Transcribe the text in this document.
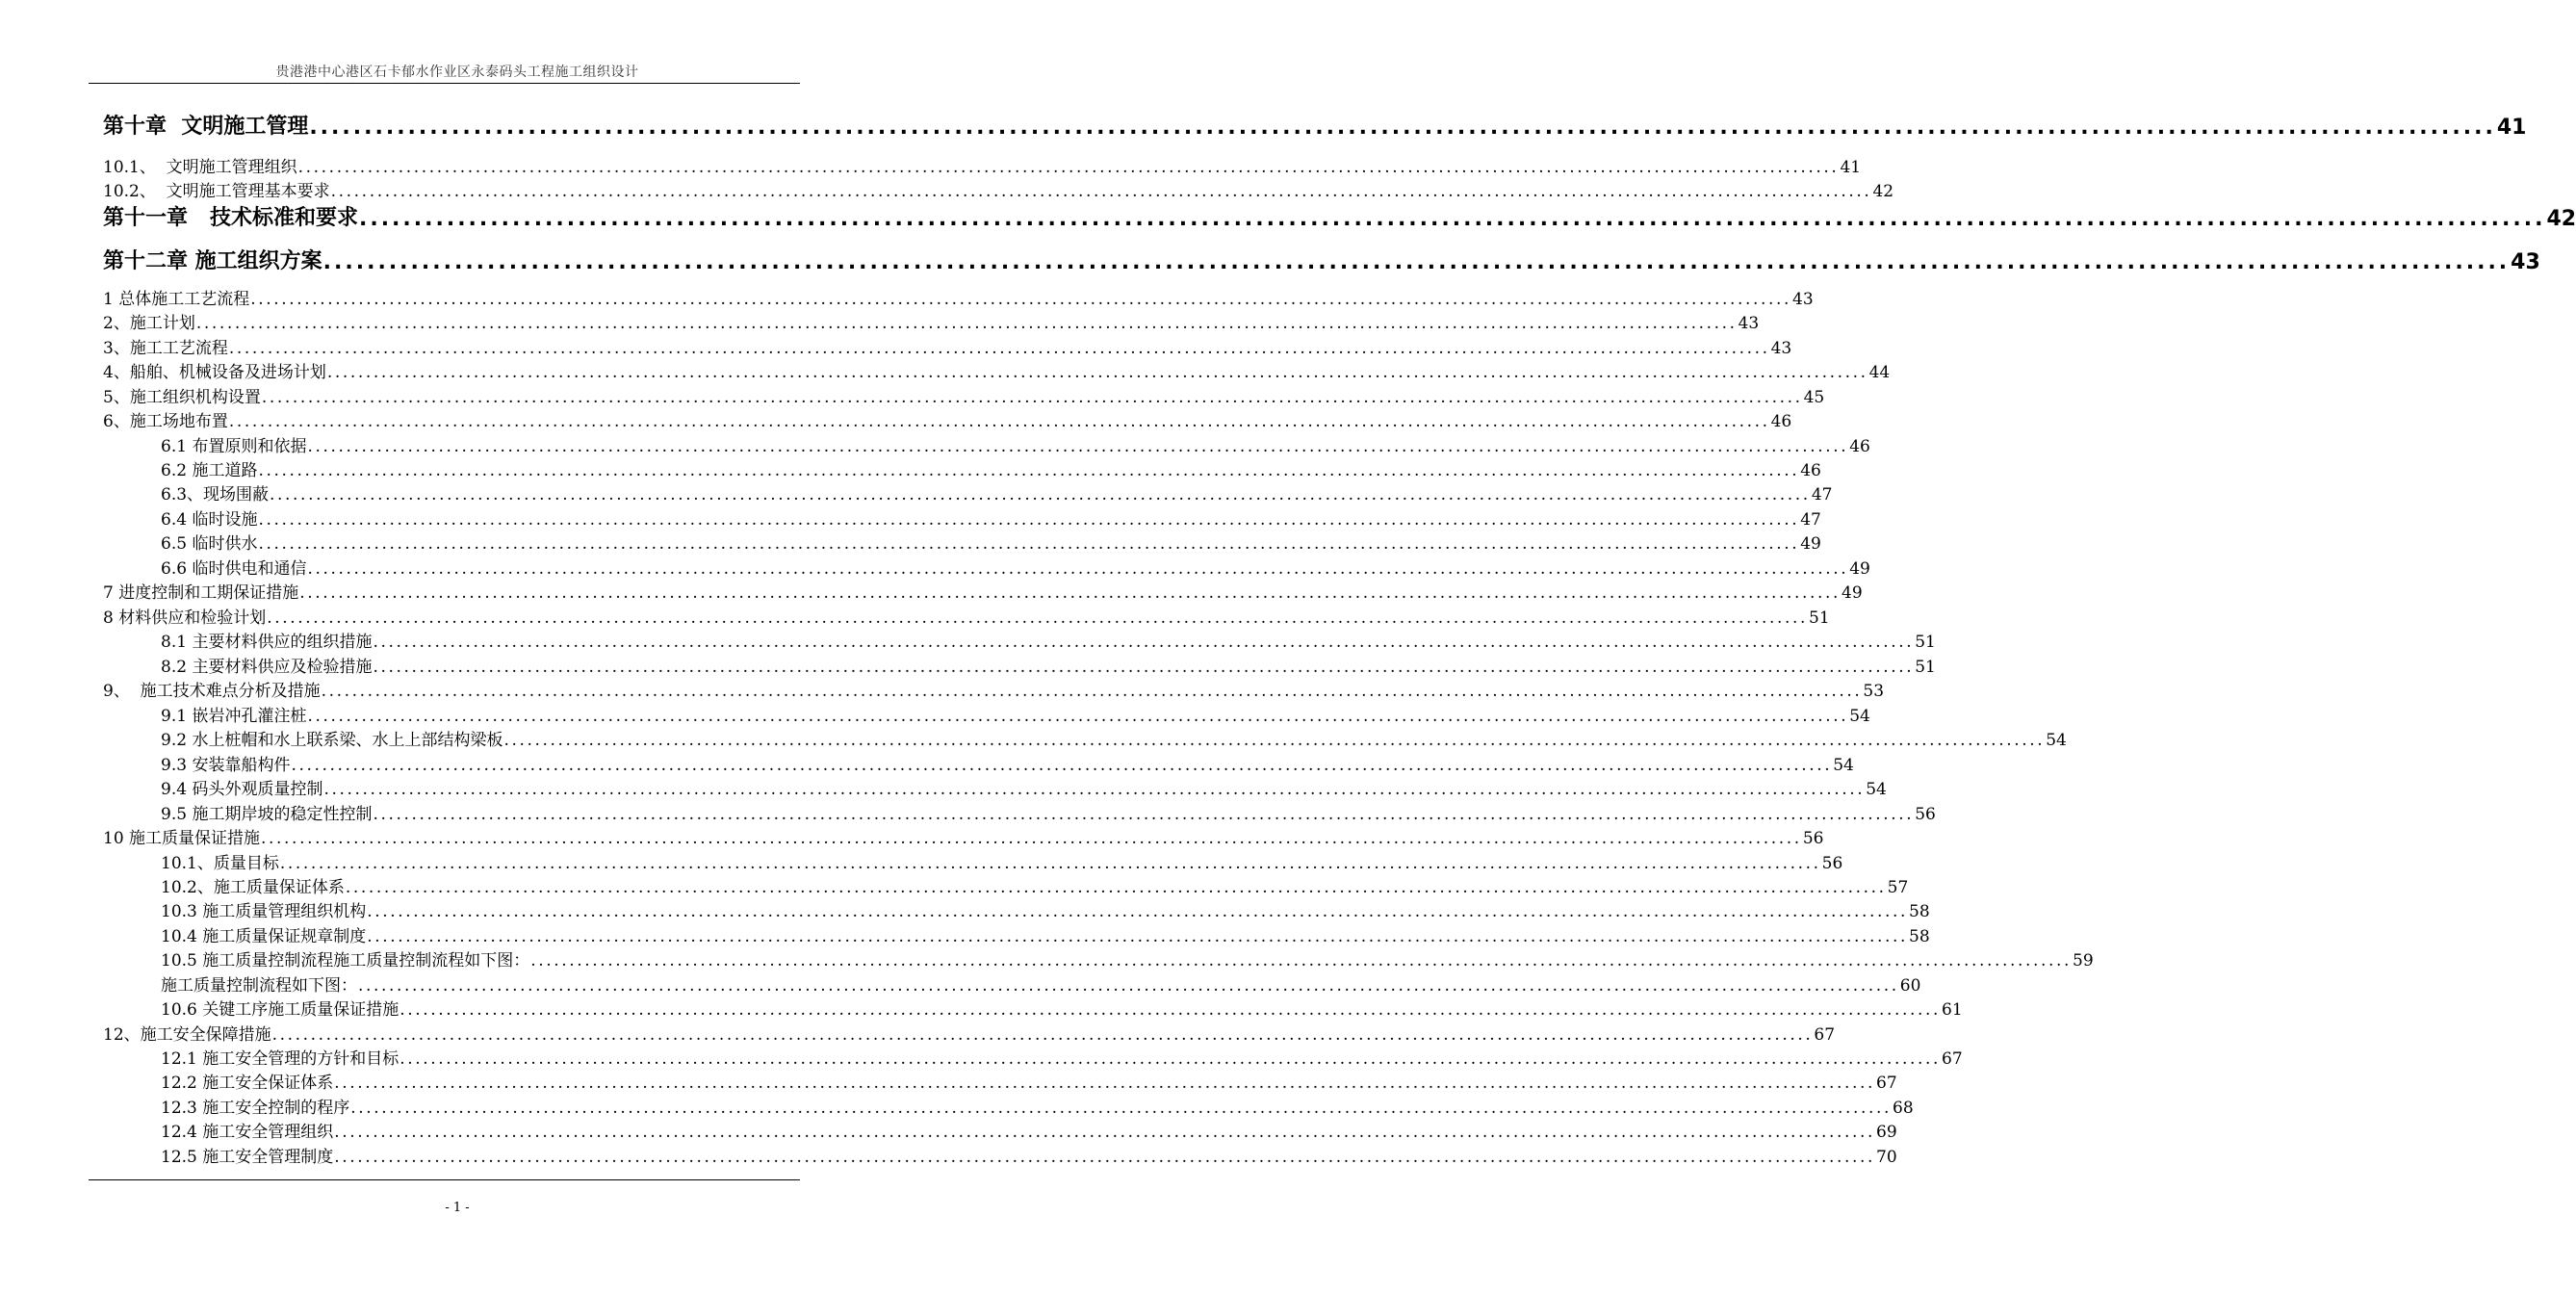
贵港港中心港区石卡郁水作业区永泰码头工程施工组织设计
第十章  文明施工管理 ........................................................................................................................................................................................................ 41
10.1、  文明施工管理组织 ........................................................................................................................................................................................................ 41
10.2、  文明施工管理基本要求 ........................................................................................................................................................................................................ 42
第十一章   技术标准和要求 ........................................................................................................................................................................................................ 42
第十二章 施工组织方案 ........................................................................................................................................................................................................ 43
1 总体施工工艺流程 ........................................................................................................................................................................................................ 43
2、施工计划 ........................................................................................................................................................................................................ 43
3、施工工艺流程 ........................................................................................................................................................................................................ 43
4、船舶、机械设备及进场计划 ........................................................................................................................................................................................................ 44
5、施工组织机构设置 ........................................................................................................................................................................................................ 45
6、施工场地布置 ........................................................................................................................................................................................................ 46
6.1 布置原则和依据 ........................................................................................................................................................................................................ 46
6.2 施工道路 ........................................................................................................................................................................................................ 46
6.3、现场围蔽 ........................................................................................................................................................................................................ 47
6.4 临时设施 ........................................................................................................................................................................................................ 47
6.5 临时供水 ........................................................................................................................................................................................................ 49
6.6 临时供电和通信 ........................................................................................................................................................................................................ 49
7 进度控制和工期保证措施 ........................................................................................................................................................................................................ 49
8 材料供应和检验计划 ........................................................................................................................................................................................................ 51
8.1 主要材料供应的组织措施 ........................................................................................................................................................................................................ 51
8.2 主要材料供应及检验措施 ........................................................................................................................................................................................................ 51
9、  施工技术难点分析及措施 ........................................................................................................................................................................................................ 53
9.1 嵌岩冲孔灌注桩 ........................................................................................................................................................................................................ 54
9.2 水上桩帽和水上联系梁、水上上部结构梁板 ........................................................................................................................................................................................................ 54
9.3 安装靠船构件 ........................................................................................................................................................................................................ 54
9.4 码头外观质量控制 ........................................................................................................................................................................................................ 54
9.5 施工期岸坡的稳定性控制 ........................................................................................................................................................................................................ 56
10 施工质量保证措施 ........................................................................................................................................................................................................ 56
10.1、质量目标 ........................................................................................................................................................................................................ 56
10.2、施工质量保证体系 ........................................................................................................................................................................................................ 57
10.3 施工质量管理组织机构 ........................................................................................................................................................................................................ 58
10.4 施工质量保证规章制度 ........................................................................................................................................................................................................ 58
10.5 施工质量控制流程施工质量控制流程如下图： ........................................................................................................................................................................................................ 59
施工质量控制流程如下图： ........................................................................................................................................................................................................ 60
10.6 关键工序施工质量保证措施 ........................................................................................................................................................................................................ 61
12、施工安全保障措施 ........................................................................................................................................................................................................ 67
12.1 施工安全管理的方针和目标 ........................................................................................................................................................................................................ 67
12.2 施工安全保证体系 ........................................................................................................................................................................................................ 67
12.3 施工安全控制的程序 ........................................................................................................................................................................................................ 68
12.4 施工安全管理组织 ........................................................................................................................................................................................................ 69
12.5 施工安全管理制度 ........................................................................................................................................................................................................ 70
- 1 -
